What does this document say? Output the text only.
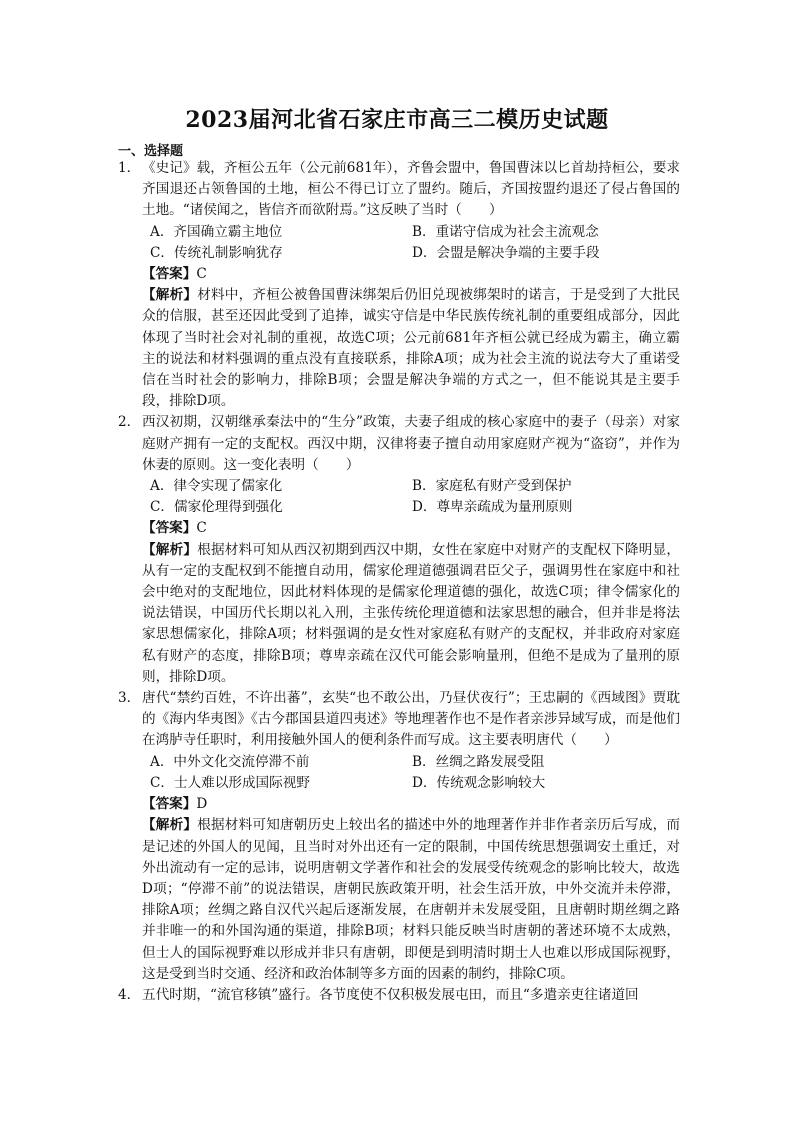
2023届河北省石家庄市高三二模历史试题
一、选择题
1． 《史记》载，齐桓公五年（公元前681年），齐鲁会盟中，鲁国曹沫以匕首劫持桓公，要求齐国退还占领鲁国的土地，桓公不得已订立了盟约。随后，齐国按盟约退还了侵占鲁国的土地。“诸侯闻之，皆信齐而欲附焉。”这反映了当时（　　）
A．齐国确立霸主地位	B．重诺守信成为社会主流观念
C．传统礼制影响犹存	D．会盟是解决争端的主要手段
【答案】C
【解析】材料中，齐桓公被鲁国曹沫绑架后仍旧兑现被绑架时的诺言，于是受到了大批民众的信服，甚至还因此受到了追捧，诚实守信是中华民族传统礼制的重要组成部分，因此体现了当时社会对礼制的重视，故选C项；公元前681年齐桓公就已经成为霸主，确立霸主的说法和材料强调的重点没有直接联系，排除A项；成为社会主流的说法夸大了重诺受信在当时社会的影响力，排除B项；会盟是解决争端的方式之一，但不能说其是主要手段，排除D项。
2． 西汉初期，汉朝继承秦法中的“生分”政策，夫妻子组成的核心家庭中的妻子（母亲）对家庭财产拥有一定的支配权。西汉中期，汉律将妻子擅自动用家庭财产视为“盗窃”，并作为休妻的原则。这一变化表明（　　）
A．律令实现了儒家化	B．家庭私有财产受到保护
C．儒家伦理得到强化	D．尊卑亲疏成为量刑原则
【答案】C
【解析】根据材料可知从西汉初期到西汉中期，女性在家庭中对财产的支配权下降明显，从有一定的支配权到不能擅自动用，儒家伦理道德强调君臣父子，强调男性在家庭中和社会中绝对的支配地位，因此材料体现的是儒家伦理道德的强化，故选C项；律令儒家化的说法错误，中国历代长期以礼入刑，主张传统伦理道德和法家思想的融合，但并非是将法家思想儒家化，排除A项；材料强调的是女性对家庭私有财产的支配权，并非政府对家庭私有财产的态度，排除B项；尊卑亲疏在汉代可能会影响量刑，但绝不是成为了量刑的原则，排除D项。
3． 唐代“禁约百姓，不许出蕃”，玄奘“也不敢公出，乃昼伏夜行”；王忠嗣的《西域图》贾耽的《海内华夷图》《古今郡国县道四夷述》等地理著作也不是作者亲涉异域写成，而是他们在鸿胪寺任职时，利用接触外国人的便利条件而写成。这主要表明唐代（　　）
A．中外文化交流停滞不前	B．丝绸之路发展受阻
C．士人难以形成国际视野	D．传统观念影响较大
【答案】D
【解析】根据材料可知唐朝历史上较出名的描述中外的地理著作并非作者亲历后写成，而是记述的外国人的见闻，且当时对外出还有一定的限制，中国传统思想强调安土重迁，对外出流动有一定的忌讳，说明唐朝文学著作和社会的发展受传统观念的影响比较大，故选D项；“停滞不前”的说法错误，唐朝民族政策开明，社会生活开放，中外交流并未停滞，排除A项；丝绸之路自汉代兴起后逐渐发展，在唐朝并未发展受阻，且唐朝时期丝绸之路并非唯一的和外国沟通的渠道，排除B项；材料只能反映当时唐朝的著述环境不太成熟，但士人的国际视野难以形成并非只有唐朝，即便是到明清时期士人也难以形成国际视野，这是受到当时交通、经济和政治体制等多方面的因素的制约，排除C项。
4． 五代时期，“流官移镇”盛行。各节度使不仅积极发展屯田，而且“多遣亲吏往诸道回
